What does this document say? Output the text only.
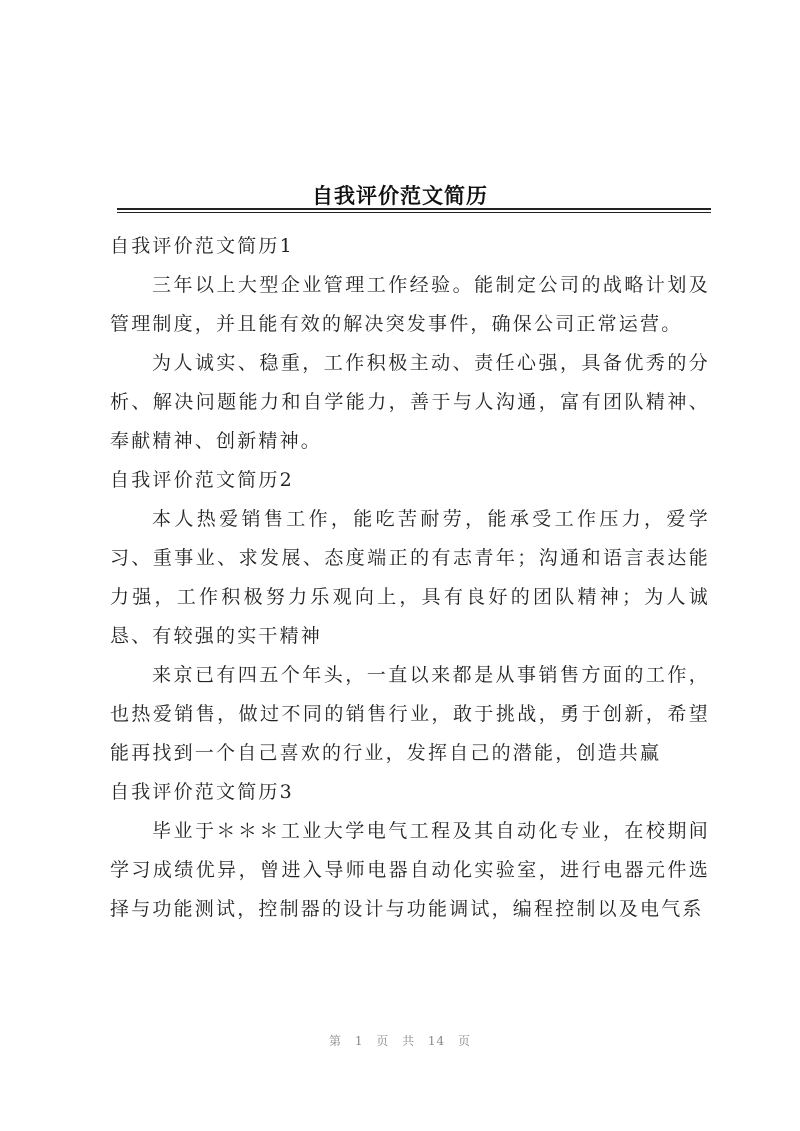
自我评价范文简历
自我评价范文简历1

三年以上大型企业管理工作经验。能制定公司的战略计划及管理制度，并且能有效的解决突发事件，确保公司正常运营。

为人诚实、稳重，工作积极主动、责任心强，具备优秀的分析、解决问题能力和自学能力，善于与人沟通，富有团队精神、奉献精神、创新精神。

自我评价范文简历2

本人热爱销售工作，能吃苦耐劳，能承受工作压力，爱学习、重事业、求发展、态度端正的有志青年；沟通和语言表达能力强，工作积极努力乐观向上，具有良好的团队精神；为人诚恳、有较强的实干精神

来京已有四五个年头，一直以来都是从事销售方面的工作，也热爱销售，做过不同的销售行业，敢于挑战，勇于创新，希望能再找到一个自己喜欢的行业，发挥自己的潜能，创造共赢

自我评价范文简历3

毕业于＊＊＊工业大学电气工程及其自动化专业，在校期间学习成绩优异，曾进入导师电器自动化实验室，进行电器元件选择与功能测试，控制器的设计与功能调试，编程控制以及电气系

第 1 页 共 14 页
